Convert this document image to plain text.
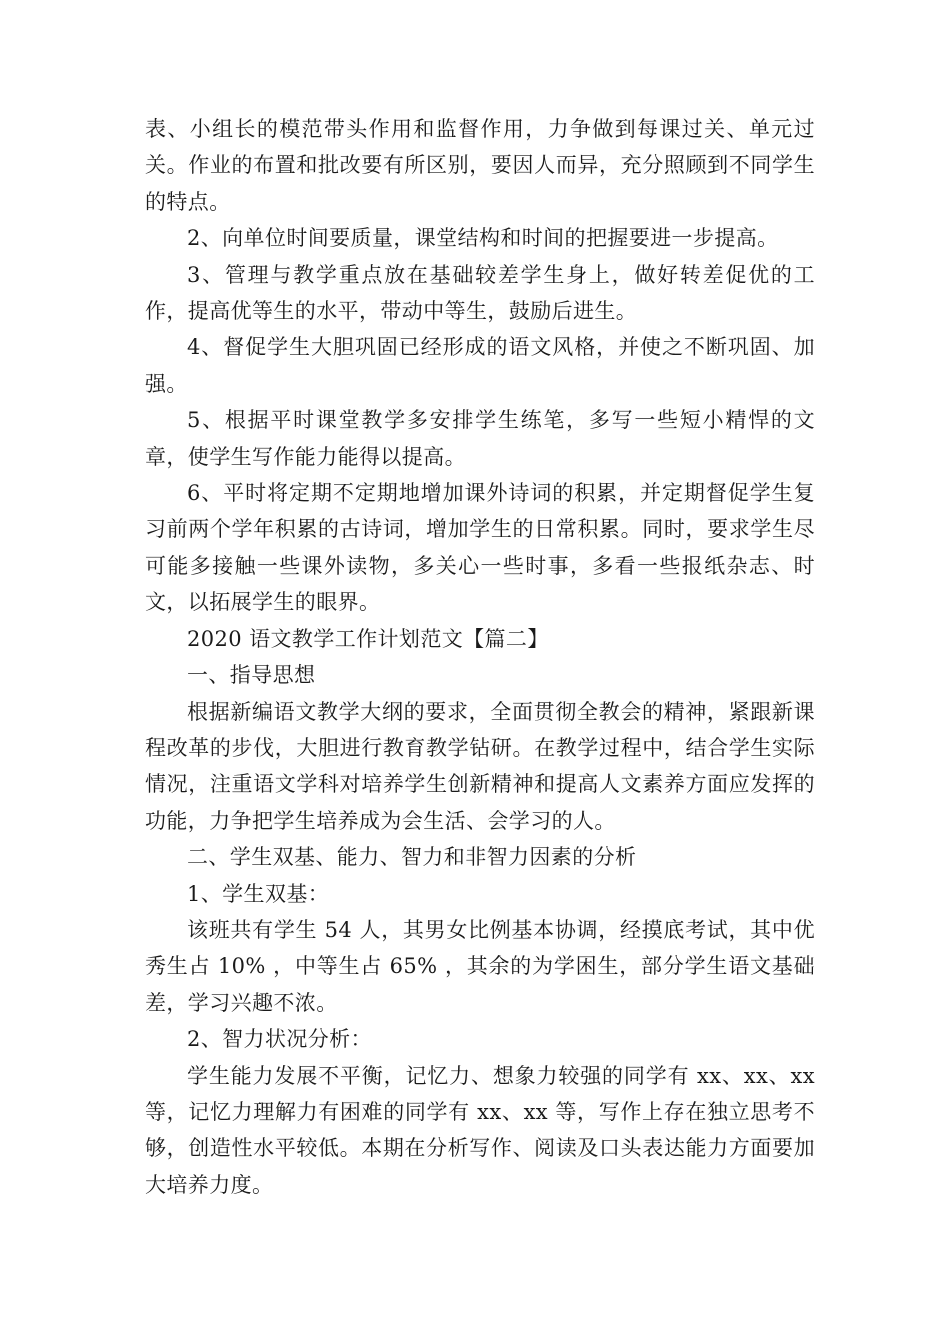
表、小组长的模范带头作用和监督作用，力争做到每课过关、单元过关。作业的布置和批改要有所区别，要因人而异，充分照顾到不同学生的特点。

2、向单位时间要质量，课堂结构和时间的把握要进一步提高。

3、管理与教学重点放在基础较差学生身上，做好转差促优的工作，提高优等生的水平，带动中等生，鼓励后进生。

4、督促学生大胆巩固已经形成的语文风格，并使之不断巩固、加强。

5、根据平时课堂教学多安排学生练笔，多写一些短小精悍的文章，使学生写作能力能得以提高。

6、平时将定期不定期地增加课外诗词的积累，并定期督促学生复习前两个学年积累的古诗词，增加学生的日常积累。同时，要求学生尽可能多接触一些课外读物，多关心一些时事，多看一些报纸杂志、时文，以拓展学生的眼界。

2020 语文教学工作计划范文【篇二】

一、指导思想

根据新编语文教学大纲的要求，全面贯彻全教会的精神，紧跟新课程改革的步伐，大胆进行教育教学钻研。在教学过程中，结合学生实际情况，注重语文学科对培养学生创新精神和提高人文素养方面应发挥的功能，力争把学生培养成为会生活、会学习的人。

二、学生双基、能力、智力和非智力因素的分析

1、学生双基：

该班共有学生 54 人，其男女比例基本协调，经摸底考试，其中优秀生占 10% ，中等生占 65% ，其余的为学困生，部分学生语文基础差，学习兴趣不浓。

2、智力状况分析：

学生能力发展不平衡，记忆力、想象力较强的同学有 xx、xx、xx等，记忆力理解力有困难的同学有 xx、xx 等，写作上存在独立思考不够，创造性水平较低。本期在分析写作、阅读及口头表达能力方面要加大培养力度。
